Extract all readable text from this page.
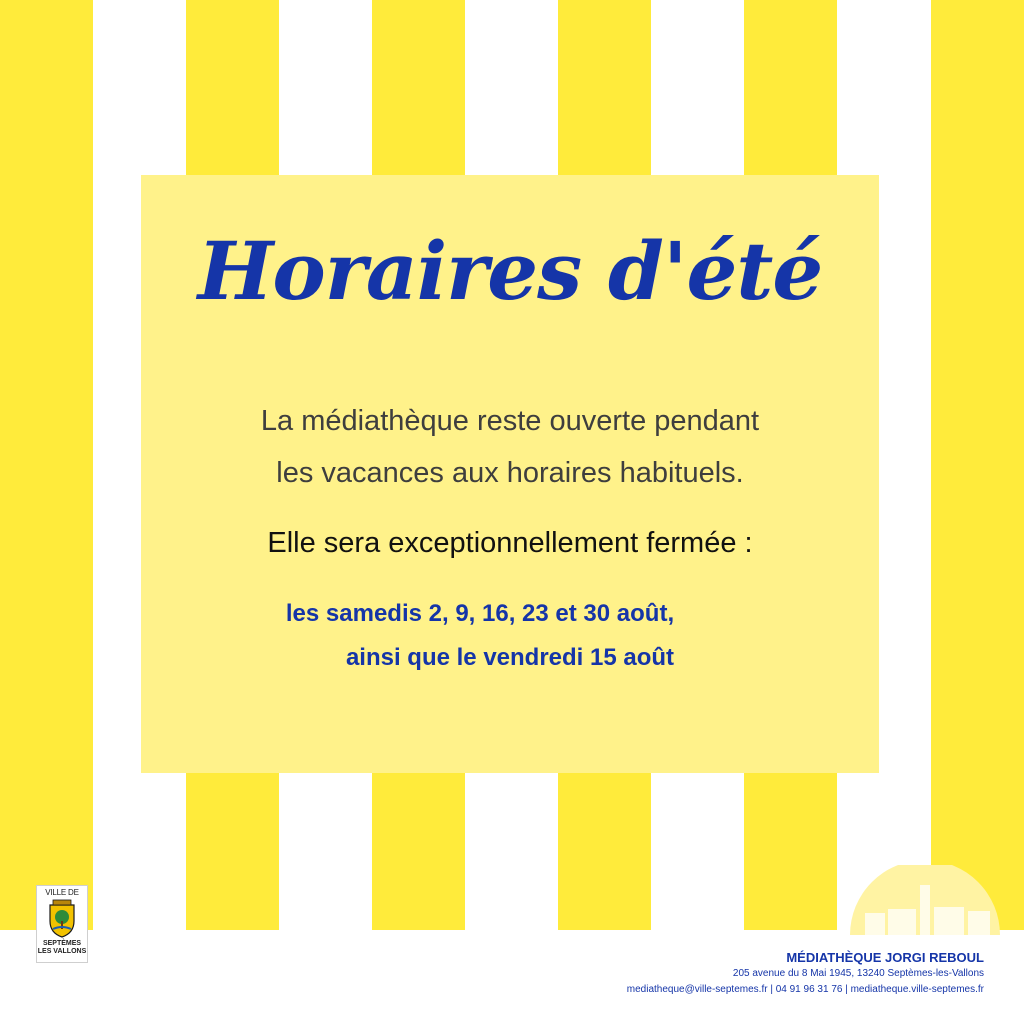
Horaires d'été
La médiathèque reste ouverte pendant
les vacances aux horaires habituels.
Elle sera exceptionnellement fermée :
les samedis 2, 9, 16, 23 et 30 août,
ainsi que le vendredi 15 août
VILLE DE
SEPTÈMES
LES VALLONS	MÉDIATHÈQUE JORGI REBOUL
205 avenue du 8 Mai 1945, 13240 Septèmes-les-Vallons
mediatheque@ville-septemes.fr | 04 91 96 31 76 | mediatheque.ville-septemes.fr
